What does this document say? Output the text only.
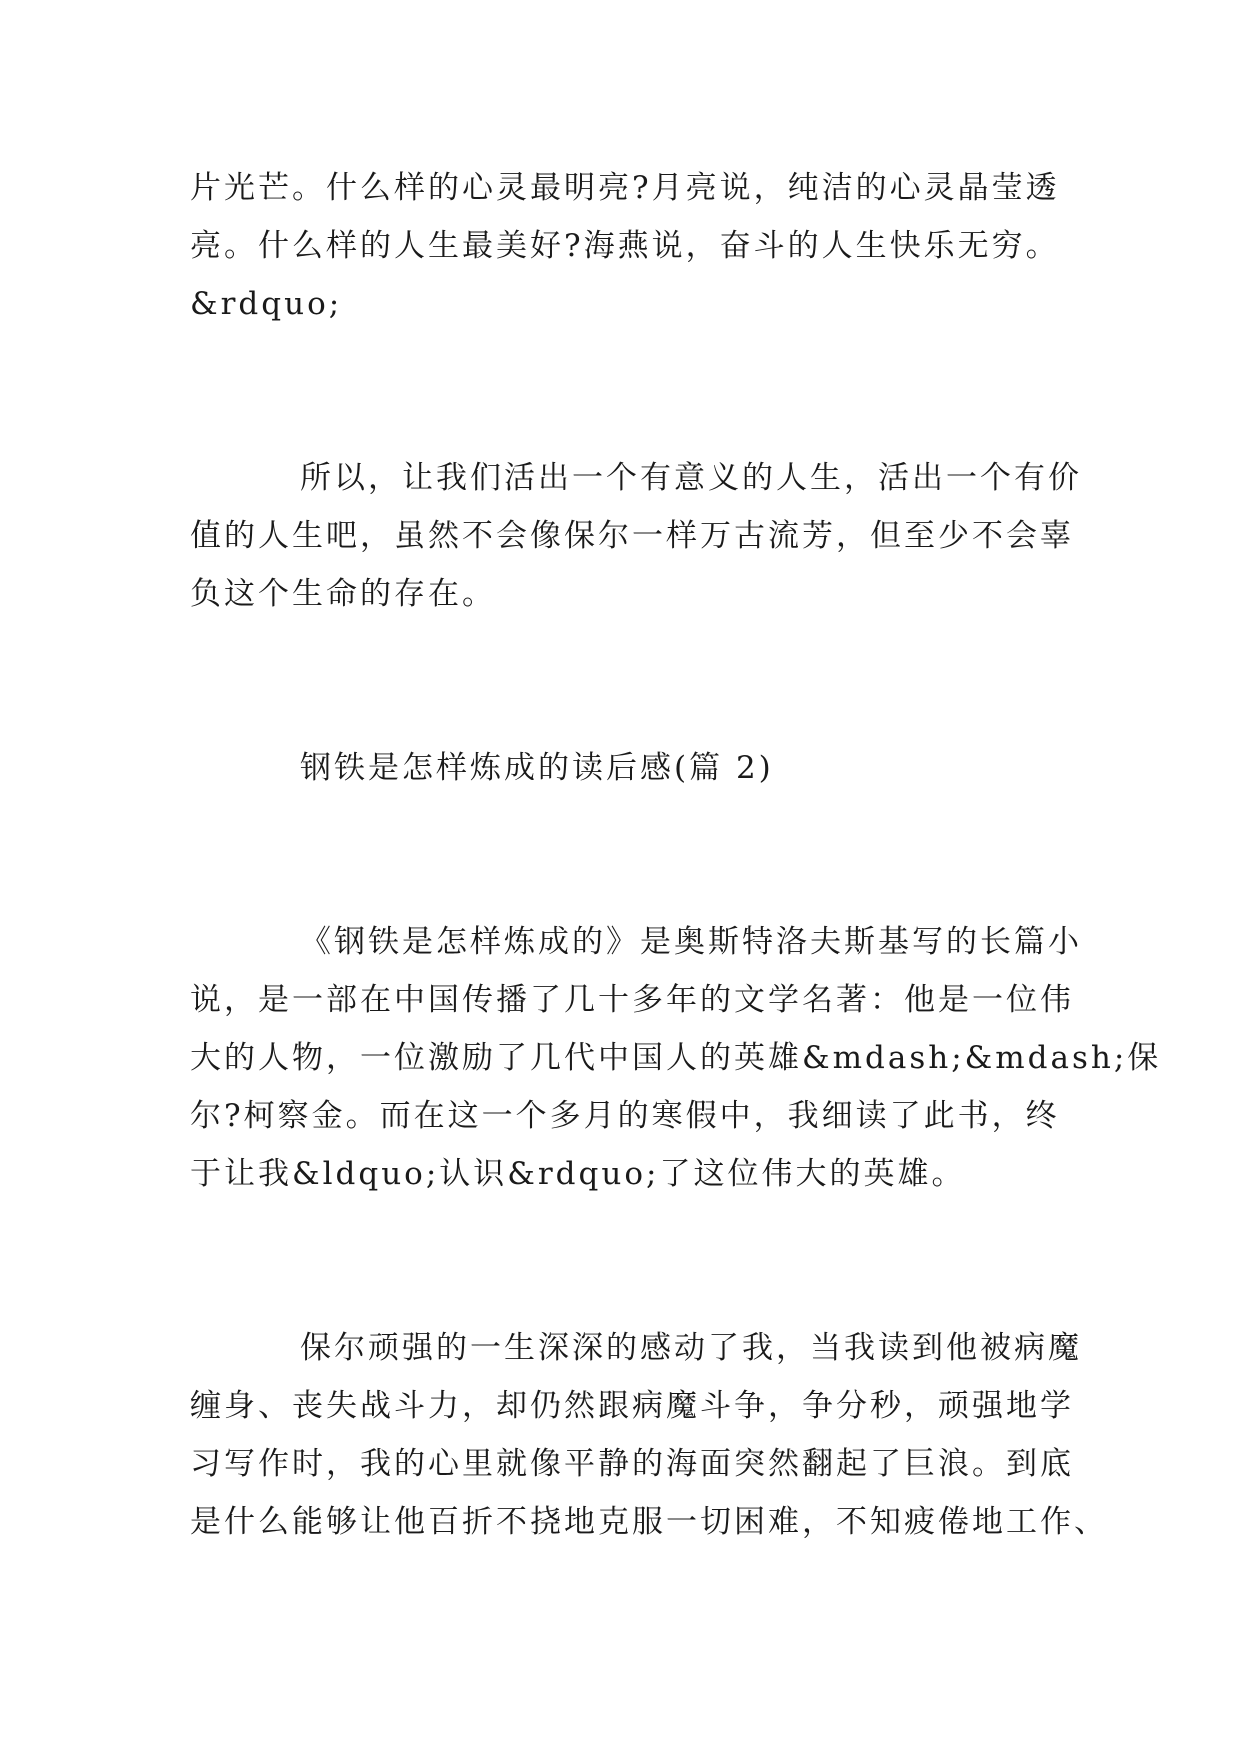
片光芒。什么样的心灵最明亮?月亮说，纯洁的心灵晶莹透
亮。什么样的人生最美好?海燕说，奋斗的人生快乐无穷。
&rdquo;
所以，让我们活出一个有意义的人生，活出一个有价
值的人生吧，虽然不会像保尔一样万古流芳，但至少不会辜
负这个生命的存在。
钢铁是怎样炼成的读后感(篇 2)
《钢铁是怎样炼成的》是奥斯特洛夫斯基写的长篇小
说，是一部在中国传播了几十多年的文学名著：他是一位伟
大的人物，一位激励了几代中国人的英雄&mdash;&mdash;保
尔?柯察金。而在这一个多月的寒假中，我细读了此书，终
于让我&ldquo;认识&rdquo;了这位伟大的英雄。
保尔顽强的一生深深的感动了我，当我读到他被病魔
缠身、丧失战斗力，却仍然跟病魔斗争，争分秒，顽强地学
习写作时，我的心里就像平静的海面突然翻起了巨浪。到底
是什么能够让他百折不挠地克服一切困难，不知疲倦地工作、
